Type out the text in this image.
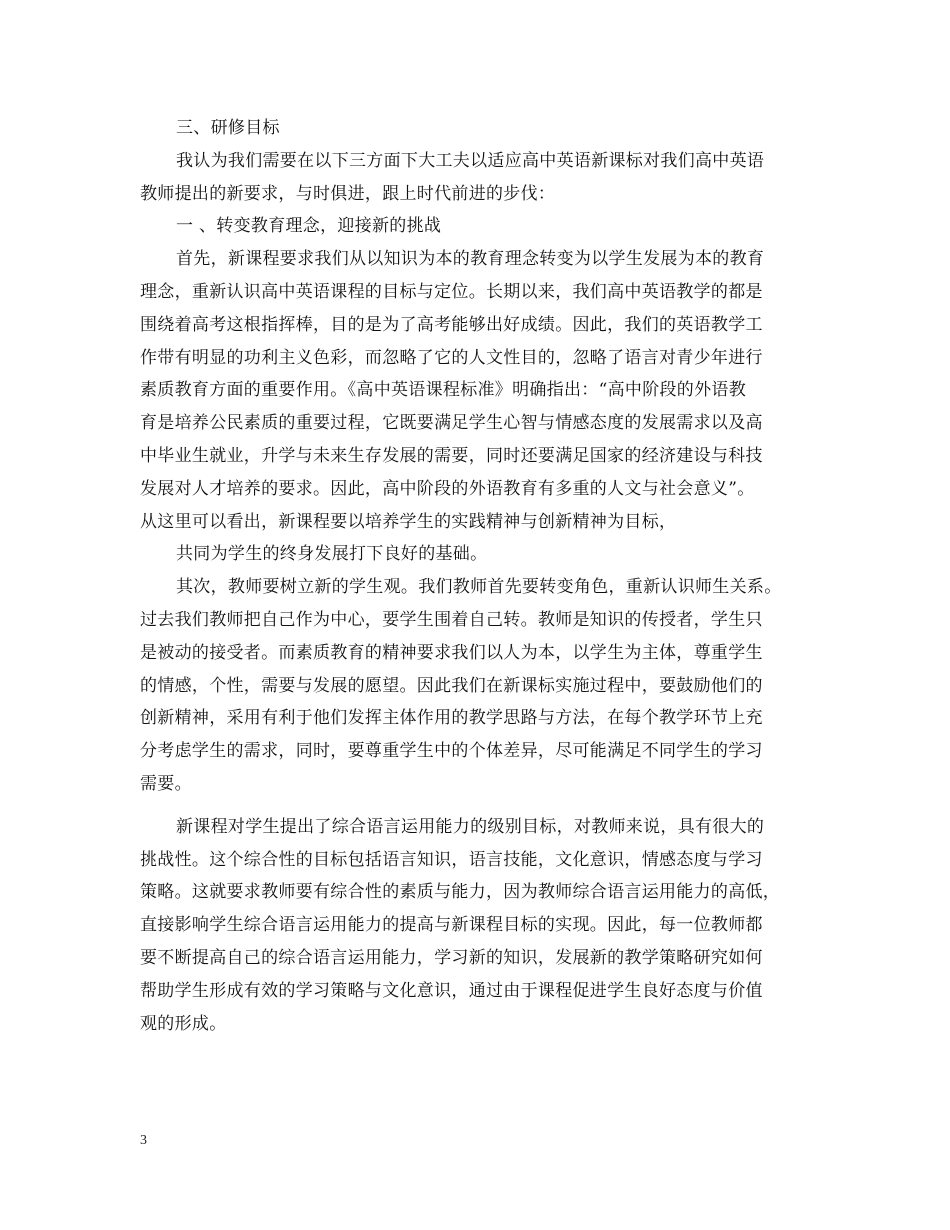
三、研修目标
我认为我们需要在以下三方面下大工夫以适应高中英语新课标对我们高中英语
教师提出的新要求，与时俱进，跟上时代前进的步伐：
一 、转变教育理念，迎接新的挑战
首先，新课程要求我们从以知识为本的教育理念转变为以学生发展为本的教育
理念，重新认识高中英语课程的目标与定位。长期以来，我们高中英语教学的都是
围绕着高考这根指挥棒，目的是为了高考能够出好成绩。因此，我们的英语教学工
作带有明显的功利主义色彩，而忽略了它的人文性目的，忽略了语言对青少年进行
素质教育方面的重要作用。《高中英语课程标准》明确指出：“高中阶段的外语教
育是培养公民素质的重要过程，它既要满足学生心智与情感态度的发展需求以及高
中毕业生就业，升学与未来生存发展的需要，同时还要满足国家的经济建设与科技
发展对人才培养的要求。因此，高中阶段的外语教育有多重的人文与社会意义”。
从这里可以看出，新课程要以培养学生的实践精神与创新精神为目标，
共同为学生的终身发展打下良好的基础。
其次，教师要树立新的学生观。我们教师首先要转变角色，重新认识师生关系。
过去我们教师把自己作为中心，要学生围着自己转。教师是知识的传授者，学生只
是被动的接受者。而素质教育的精神要求我们以人为本，以学生为主体，尊重学生
的情感，个性，需要与发展的愿望。因此我们在新课标实施过程中，要鼓励他们的
创新精神，采用有利于他们发挥主体作用的教学思路与方法，在每个教学环节上充
分考虑学生的需求，同时，要尊重学生中的个体差异，尽可能满足不同学生的学习
需要。
新课程对学生提出了综合语言运用能力的级别目标，对教师来说，具有很大的
挑战性。这个综合性的目标包括语言知识，语言技能，文化意识，情感态度与学习
策略。这就要求教师要有综合性的素质与能力，因为教师综合语言运用能力的高低，
直接影响学生综合语言运用能力的提高与新课程目标的实现。因此，每一位教师都
要不断提高自己的综合语言运用能力，学习新的知识，发展新的教学策略研究如何
帮助学生形成有效的学习策略与文化意识，通过由于课程促进学生良好态度与价值
观的形成。
3
